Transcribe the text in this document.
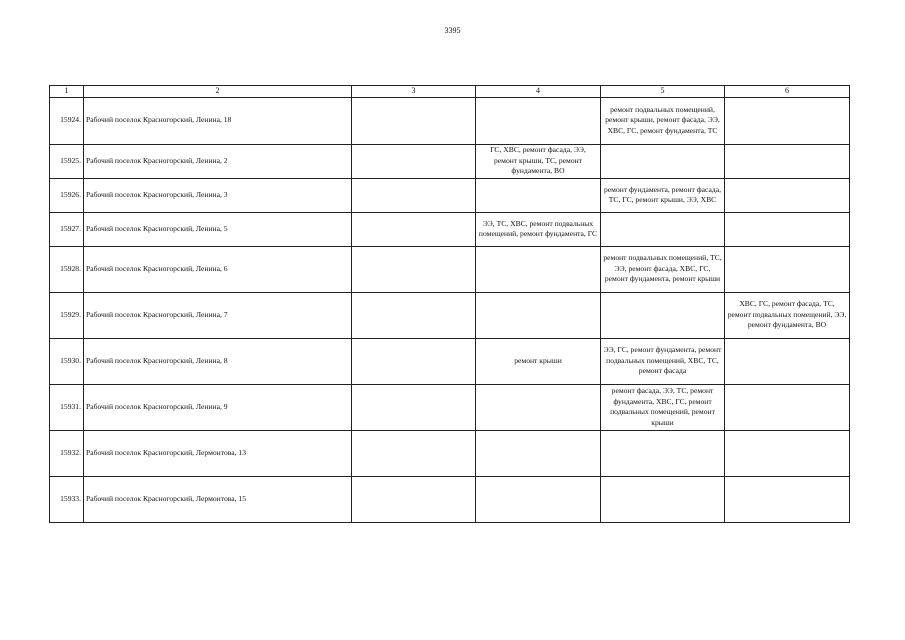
3395
1	2	3	4	5	6
15924.	Рабочий поселок Красногорский, Ленина, 18			ремонт подвальных помещений, ремонт крыши, ремонт фасада, ЭЭ, ХВС, ГС, ремонт фундамента, ТС	
15925.	Рабочий поселок Красногорский, Ленина, 2		ГС, ХВС, ремонт фасада, ЭЭ, ремонт крыши, ТС, ремонт фундамента, ВО		
15926.	Рабочий поселок Красногорский, Ленина, 3			ремонт фундамента, ремонт фасада, ТС, ГС, ремонт крыши, ЭЭ, ХВС	
15927.	Рабочий поселок Красногорский, Ленина, 5		ЭЭ, ТС, ХВС, ремонт подвальных помещений, ремонт фундамента, ГС		
15928.	Рабочий поселок Красногорский, Ленина, 6			ремонт подвальных помещений, ТС, ЭЭ, ремонт фасада, ХВС, ГС, ремонт фундамента, ремонт крыши	
15929.	Рабочий поселок Красногорский, Ленина, 7				ХВС, ГС, ремонт фасада, ТС, ремонт подвальных помещений, ЭЭ, ремонт фундамента, ВО
15930.	Рабочий поселок Красногорский, Ленина, 8		ремонт крыши	ЭЭ, ГС, ремонт фундамента, ремонт подвальных помещений, ХВС, ТС, ремонт фасада	
15931.	Рабочий поселок Красногорский, Ленина, 9			ремонт фасада, ЭЭ, ТС, ремонт фундамента, ХВС, ГС, ремонт подвальных помещений, ремонт крыши	
15932.	Рабочий поселок Красногорский, Лермонтова, 13				
15933.	Рабочий поселок Красногорский, Лермонтова, 15				
